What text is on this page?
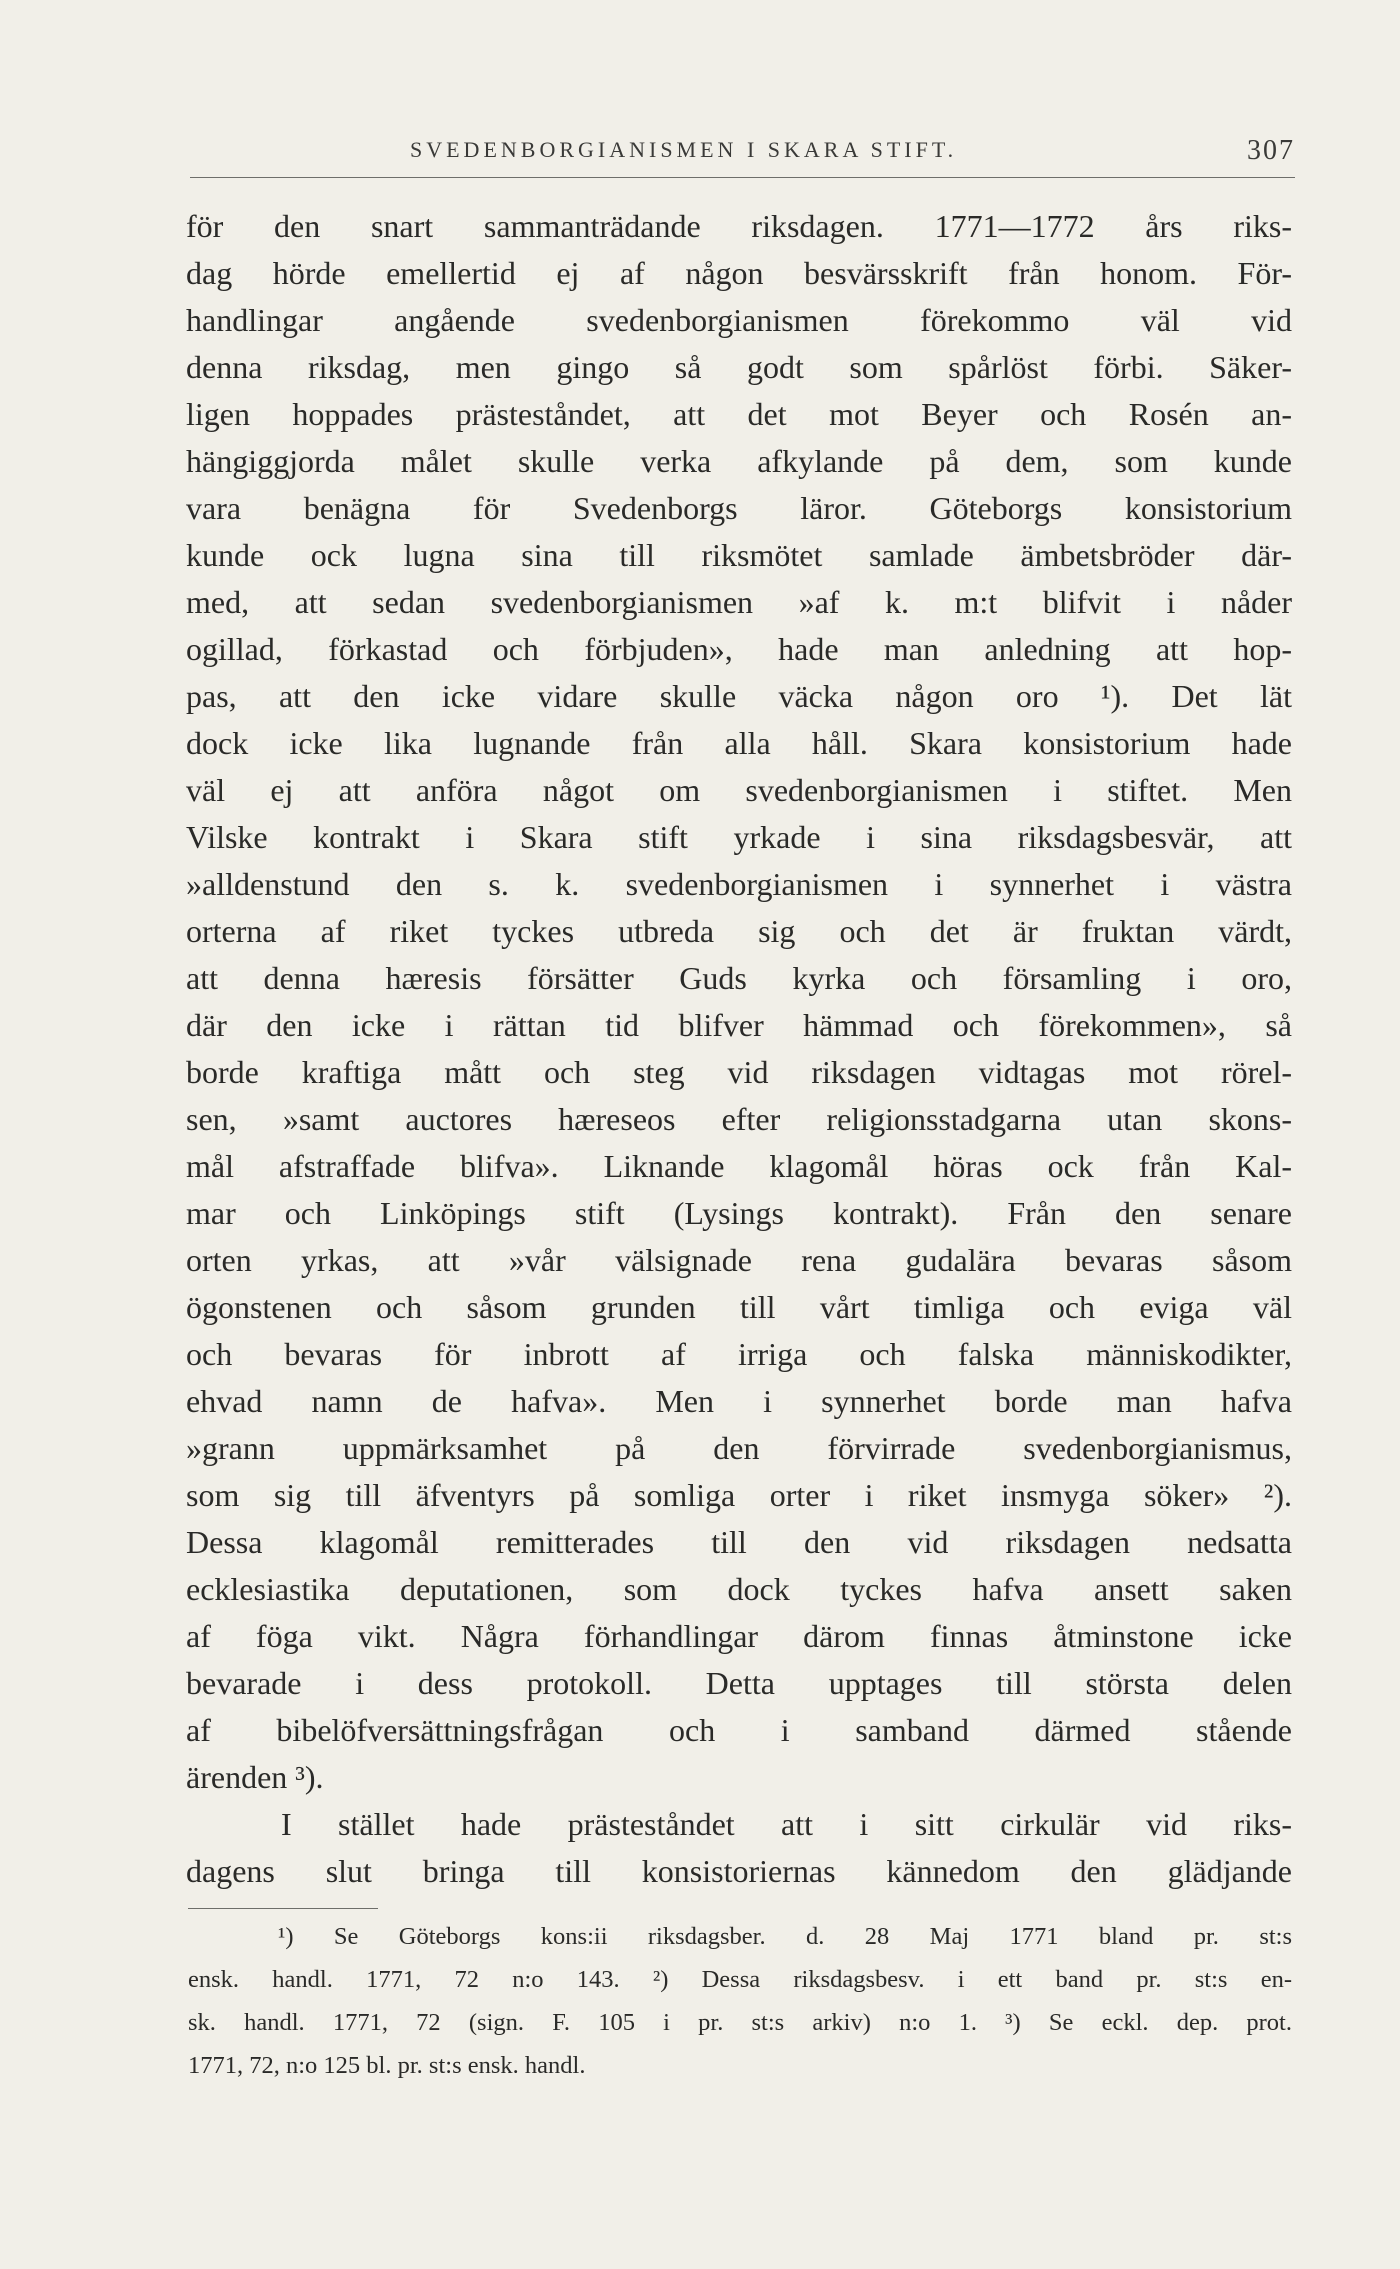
SVEDENBORGIANISMEN I SKARA STIFT.	307
för den snart sammanträdande riksdagen. 1771—1772 års riks-
dag hörde emellertid ej af någon besvärsskrift från honom. För-
handlingar angående svedenborgianismen förekommo väl vid
denna riksdag, men gingo så godt som spårlöst förbi. Säker-
ligen hoppades prästeståndet, att det mot Beyer och Rosén an-
hängiggjorda målet skulle verka afkylande på dem, som kunde
vara benägna för Svedenborgs läror. Göteborgs konsistorium
kunde ock lugna sina till riksmötet samlade ämbetsbröder där-
med, att sedan svedenborgianismen »af k. m:t blifvit i nåder
ogillad, förkastad och förbjuden», hade man anledning att hop-
pas, att den icke vidare skulle väcka någon oro ¹). Det lät
dock icke lika lugnande från alla håll. Skara konsistorium hade
väl ej att anföra något om svedenborgianismen i stiftet. Men
Vilske kontrakt i Skara stift yrkade i sina riksdagsbesvär, att
»alldenstund den s. k. svedenborgianismen i synnerhet i västra
orterna af riket tyckes utbreda sig och det är fruktan värdt,
att denna hæresis försätter Guds kyrka och församling i oro,
där den icke i rättan tid blifver hämmad och förekommen», så
borde kraftiga mått och steg vid riksdagen vidtagas mot rörel-
sen, »samt auctores hæreseos efter religionsstadgarna utan skons-
mål afstraffade blifva». Liknande klagomål höras ock från Kal-
mar och Linköpings stift (Lysings kontrakt). Från den senare
orten yrkas, att »vår välsignade rena gudalära bevaras såsom
ögonstenen och såsom grunden till vårt timliga och eviga väl
och bevaras för inbrott af irriga och falska människodikter,
ehvad namn de hafva». Men i synnerhet borde man hafva
»grann uppmärksamhet på den förvirrade svedenborgianismus,
som sig till äfventyrs på somliga orter i riket insmyga söker» ²).
Dessa klagomål remitterades till den vid riksdagen nedsatta
ecklesiastika deputationen, som dock tyckes hafva ansett saken
af föga vikt. Några förhandlingar därom finnas åtminstone icke
bevarade i dess protokoll. Detta upptages till största delen
af bibelöfversättningsfrågan och i samband därmed stående
ärenden ³).
I stället hade prästeståndet att i sitt cirkulär vid riks-
dagens slut bringa till konsistoriernas kännedom den glädjande
¹) Se Göteborgs kons:ii riksdagsber. d. 28 Maj 1771 bland pr. st:s
ensk. handl. 1771, 72 n:o 143. ²) Dessa riksdagsbesv. i ett band pr. st:s en-
sk. handl. 1771, 72 (sign. F. 105 i pr. st:s arkiv) n:o 1. ³) Se eckl. dep. prot.
1771, 72, n:o 125 bl. pr. st:s ensk. handl.
